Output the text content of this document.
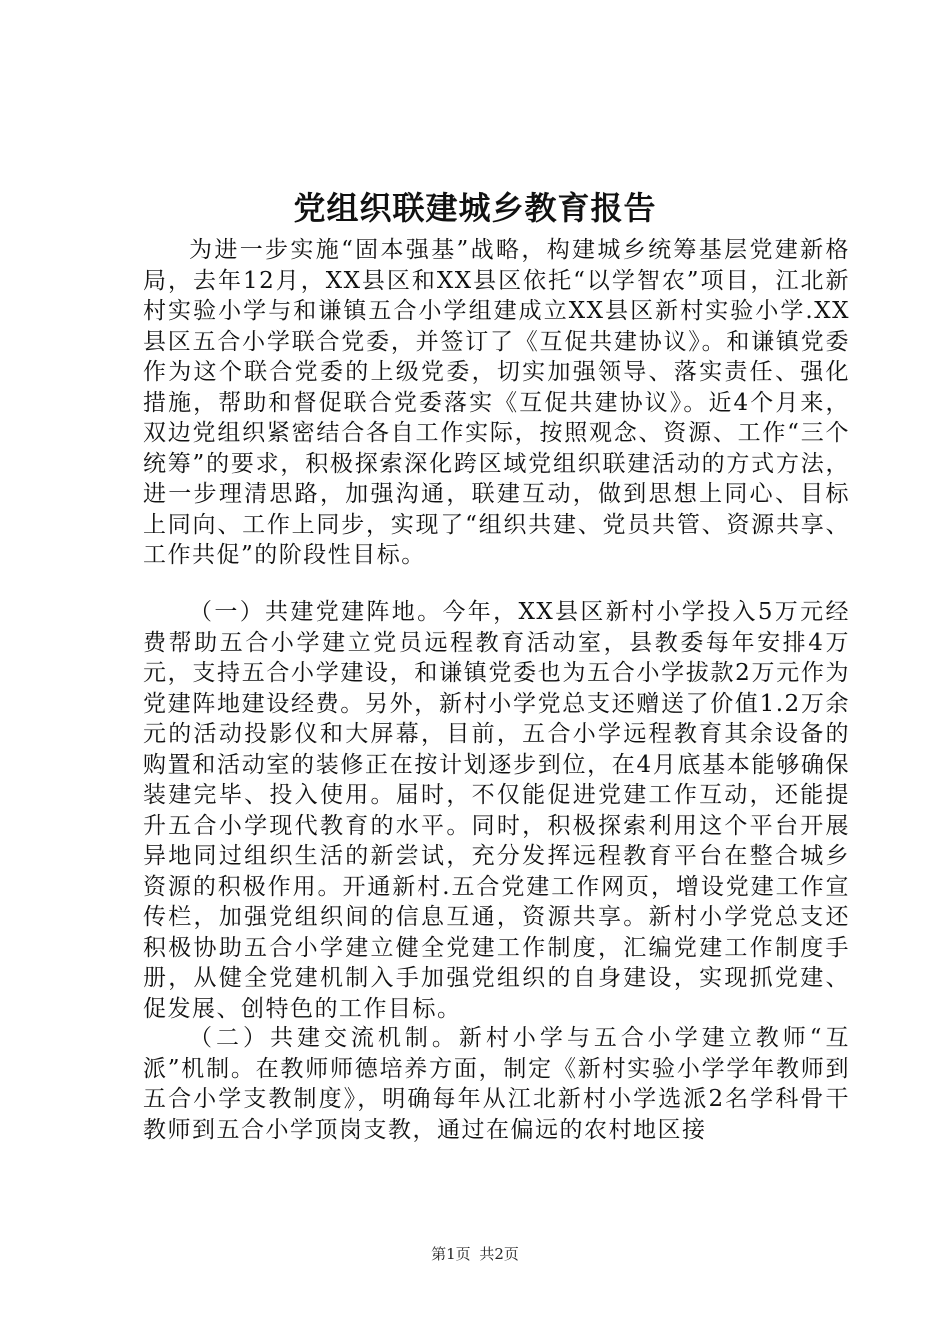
党组织联建城乡教育报告

为进一步实施“固本强基”战略，构建城乡统筹基层党建新格局，去年12月，XX县区和XX县区依托“以学智农”项目，江北新村实验小学与和谦镇五合小学组建成立XX县区新村实验小学.XX县区五合小学联合党委，并签订了《互促共建协议》。和谦镇党委作为这个联合党委的上级党委，切实加强领导、落实责任、强化措施，帮助和督促联合党委落实《互促共建协议》。近4个月来，双边党组织紧密结合各自工作实际，按照观念、资源、工作“三个统筹”的要求，积极探索深化跨区域党组织联建活动的方式方法，进一步理清思路，加强沟通，联建互动，做到思想上同心、目标上同向、工作上同步，实现了“组织共建、党员共管、资源共享、工作共促”的阶段性目标。

（一）共建党建阵地。今年，XX县区新村小学投入5万元经费帮助五合小学建立党员远程教育活动室，县教委每年安排4万元，支持五合小学建设，和谦镇党委也为五合小学拔款2万元作为党建阵地建设经费。另外，新村小学党总支还赠送了价值1.2万余元的活动投影仪和大屏幕，目前，五合小学远程教育其余设备的购置和活动室的装修正在按计划逐步到位，在4月底基本能够确保装建完毕、投入使用。届时，不仅能促进党建工作互动，还能提升五合小学现代教育的水平。同时，积极探索利用这个平台开展异地同过组织生活的新尝试，充分发挥远程教育平台在整合城乡资源的积极作用。开通新村.五合党建工作网页，增设党建工作宣传栏，加强党组织间的信息互通，资源共享。新村小学党总支还积极协助五合小学建立健全党建工作制度，汇编党建工作制度手册，从健全党建机制入手加强党组织的自身建设，实现抓党建、促发展、创特色的工作目标。

（二）共建交流机制。新村小学与五合小学建立教师“互派”机制。在教师师德培养方面，制定《新村实验小学学年教师到五合小学支教制度》，明确每年从江北新村小学选派2名学科骨干教师到五合小学顶岗支教，通过在偏远的农村地区接

第1页 共2页
